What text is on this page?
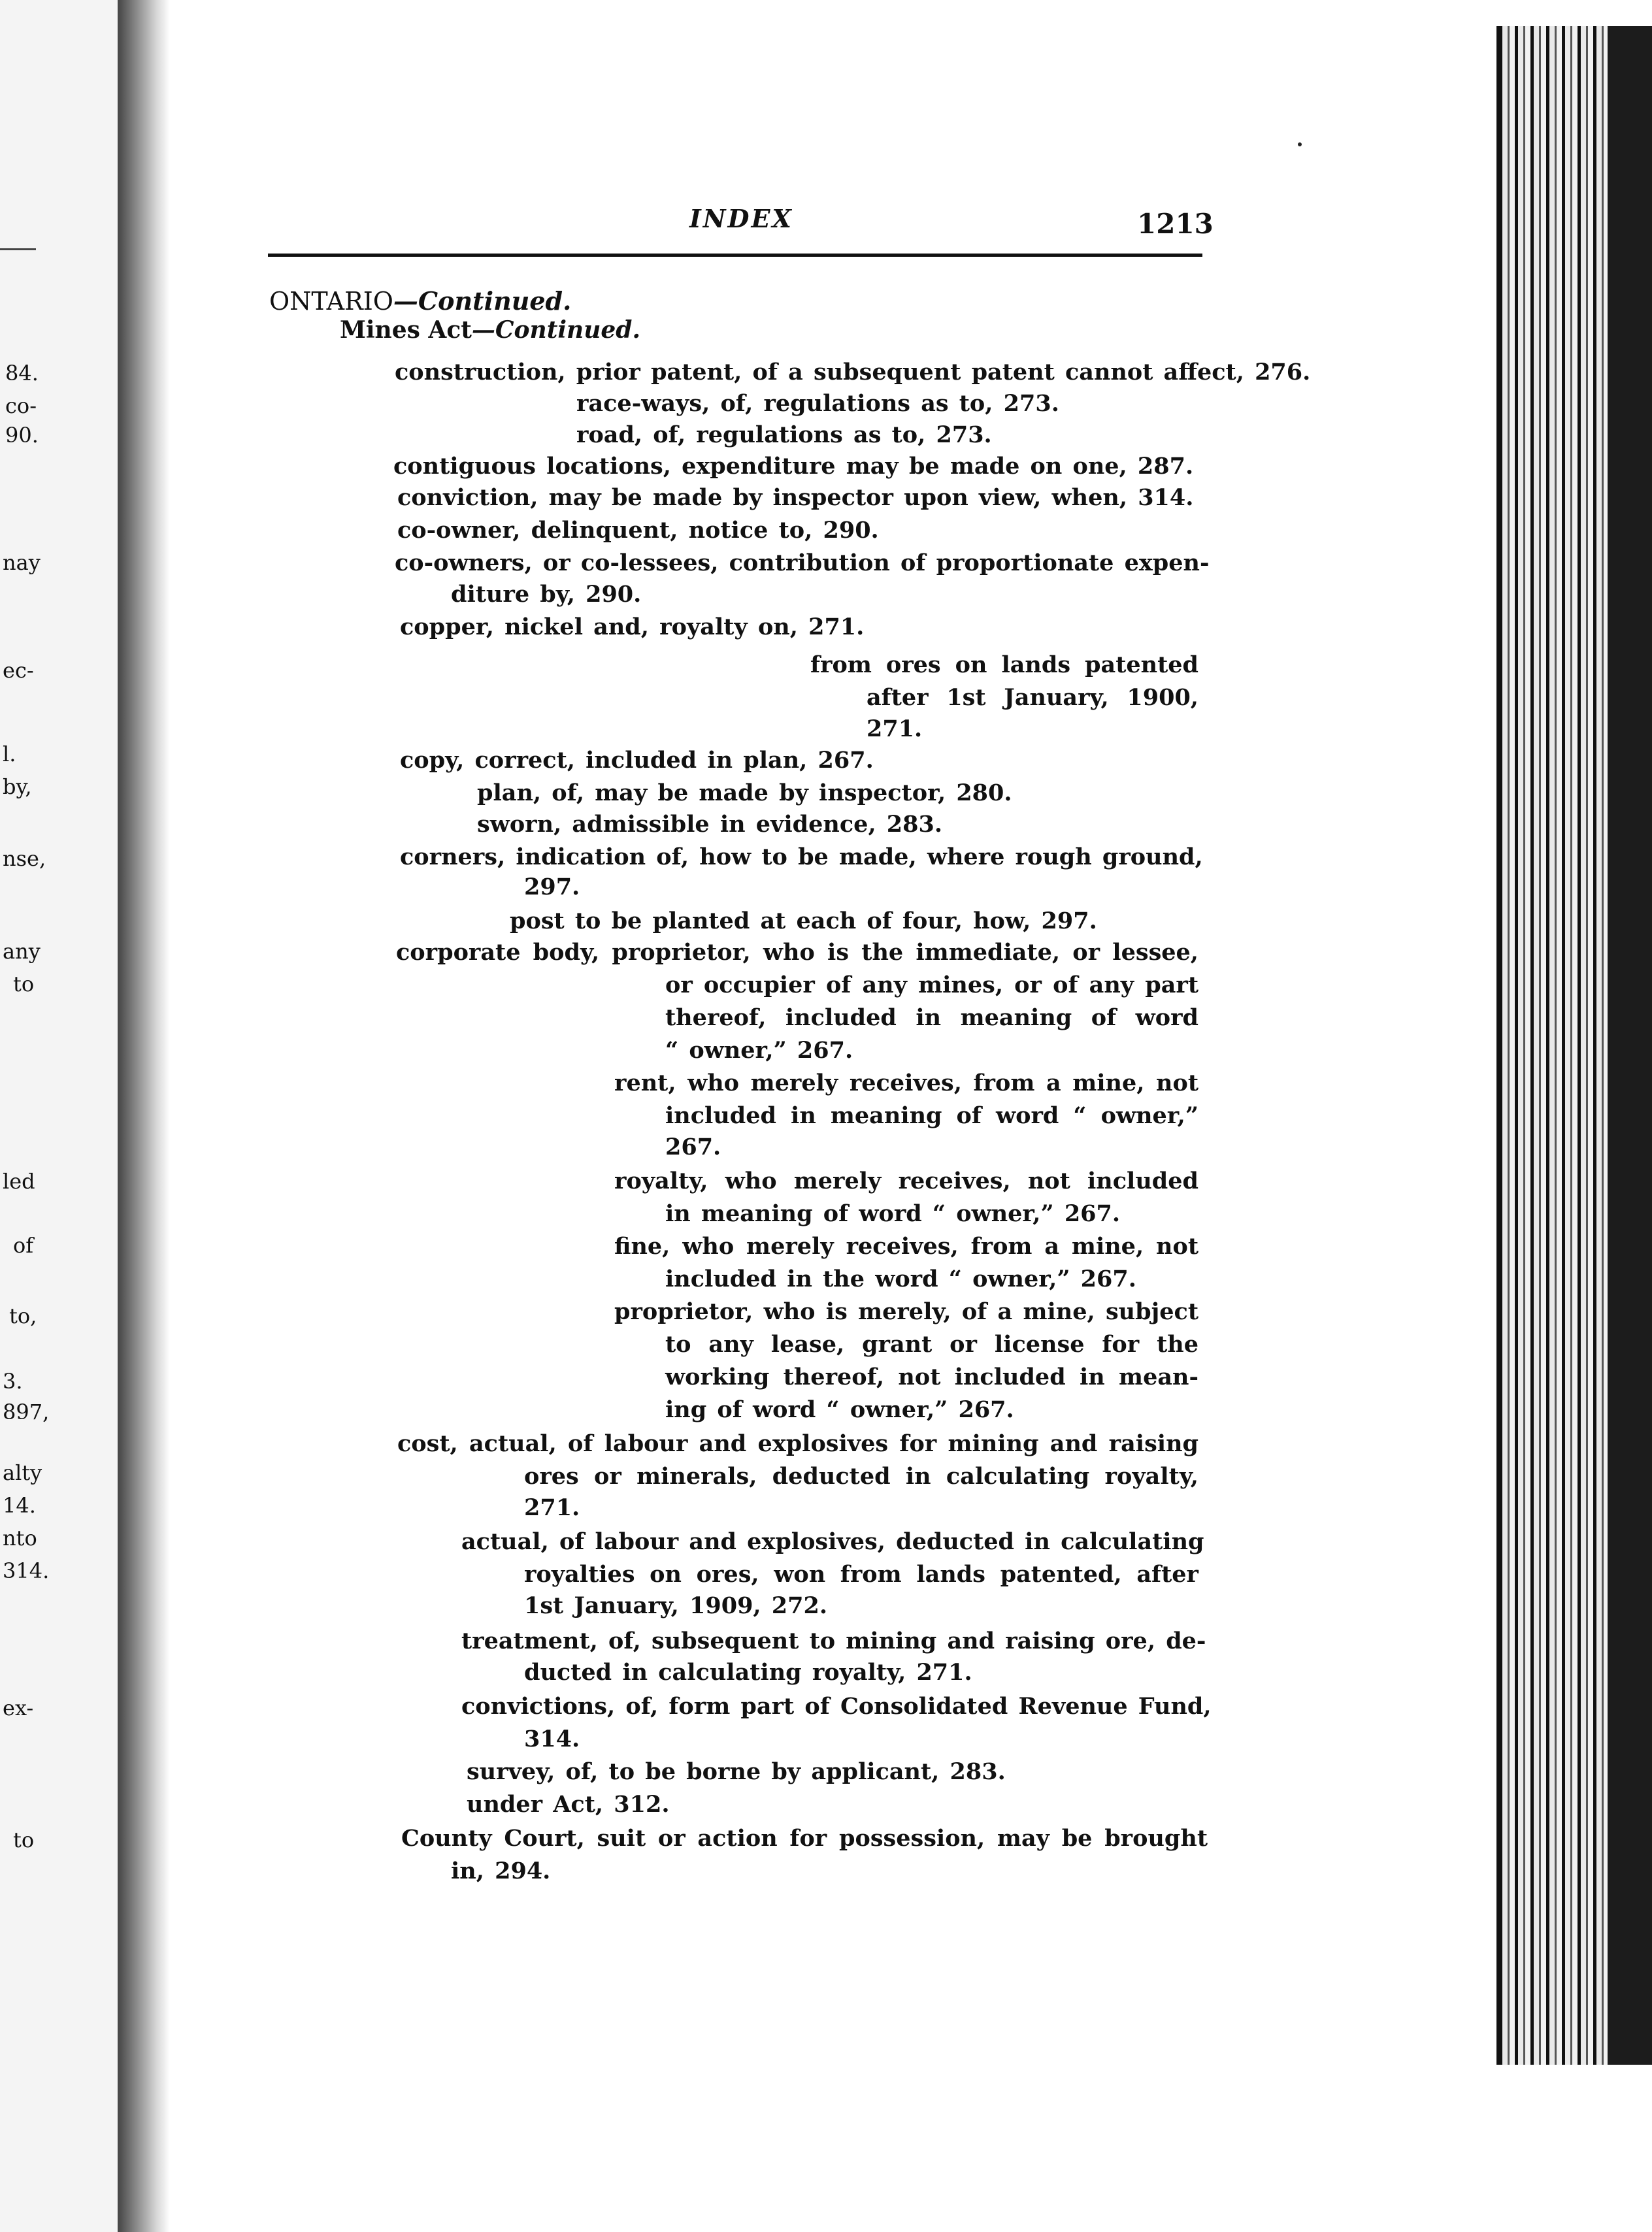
84.
co-
90.
nay
ec-
l.
by,
nse,
any
to
led
of
to,
3.
897,
alty
14.
nto
314.
ex-
to
INDEX	1213
ONTARIO—Continued.
Mines Act—Continued.
construction, prior patent, of a subsequent patent cannot affect, 276.
race-ways, of, regulations as to, 273.
road, of, regulations as to, 273.
contiguous locations, expenditure may be made on one, 287.
conviction, may be made by inspector upon view, when, 314.
co-owner, delinquent, notice to, 290.
co-owners, or co-lessees, contribution of proportionate expen-
diture by, 290.
copper, nickel and, royalty on, 271.
from ores on lands patented
after 1st January, 1900,
271.
copy, correct, included in plan, 267.
plan, of, may be made by inspector, 280.
sworn, admissible in evidence, 283.
corners, indication of, how to be made, where rough ground,
297.
post to be planted at each of four, how, 297.
corporate body, proprietor, who is the immediate, or lessee,
or occupier of any mines, or of any part
thereof, included in meaning of word
“ owner,” 267.
rent, who merely receives, from a mine, not
included in meaning of word “ owner,”
267.
royalty, who merely receives, not included
in meaning of word “ owner,” 267.
fine, who merely receives, from a mine, not
included in the word “ owner,” 267.
proprietor, who is merely, of a mine, subject
to any lease, grant or license for the
working thereof, not included in mean-
ing of word “ owner,” 267.
cost, actual, of labour and explosives for mining and raising
ores or minerals, deducted in calculating royalty,
271.
actual, of labour and explosives, deducted in calculating
royalties on ores, won from lands patented, after
1st January, 1909, 272.
treatment, of, subsequent to mining and raising ore, de-
ducted in calculating royalty, 271.
convictions, of, form part of Consolidated Revenue Fund,
314.
survey, of, to be borne by applicant, 283.
under Act, 312.
County Court, suit or action for possession, may be brought
in, 294.
